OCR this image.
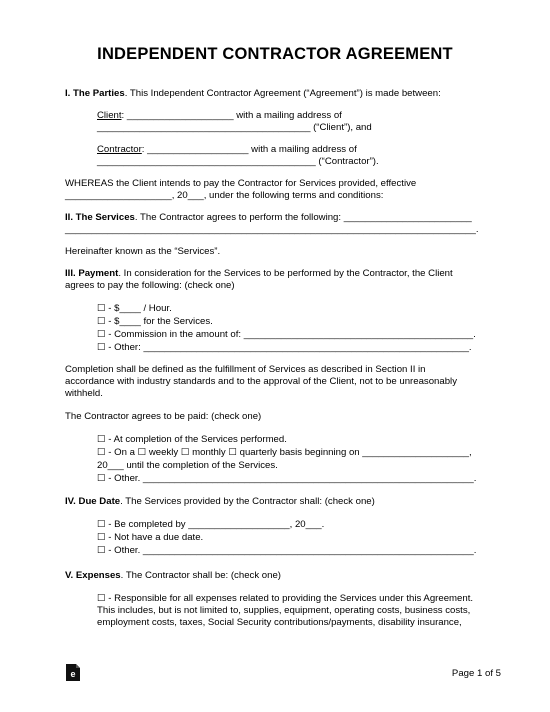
INDEPENDENT CONTRACTOR AGREEMENT
I. The Parties. This Independent Contractor Agreement (“Agreement”) is made between:
Client: ____________________ with a mailing address of
________________________________________ (“Client”), and
Contractor: ___________________ with a mailing address of
_________________________________________ (“Contractor”).
WHEREAS the Client intends to pay the Contractor for Services provided, effective
____________________, 20___, under the following terms and conditions:
II. The Services. The Contractor agrees to perform the following: ________________________
_____________________________________________________________________________.
Hereinafter known as the “Services”.
III. Payment. In consideration for the Services to be performed by the Contractor, the Client
agrees to pay the following: (check one)
☐ - $____ / Hour.
☐ - $____ for the Services.
☐ - Commission in the amount of: ___________________________________________.
☐ - Other: _____________________________________________________________.
Completion shall be defined as the fulfillment of Services as described in Section II in
accordance with industry standards and to the approval of the Client, not to be unreasonably
withheld.
The Contractor agrees to be paid: (check one)
☐ - At completion of the Services performed.
☐ - On a ☐ weekly ☐ monthly ☐ quarterly basis beginning on ____________________,
20___ until the completion of the Services.
☐ - Other. ______________________________________________________________.
IV. Due Date. The Services provided by the Contractor shall: (check one)
☐ - Be completed by ___________________, 20___.
☐ - Not have a due date.
☐ - Other. ______________________________________________________________.
V. Expenses. The Contractor shall be: (check one)
☐ - Responsible for all expenses related to providing the Services under this Agreement.
This includes, but is not limited to, supplies, equipment, operating costs, business costs,
employment costs, taxes, Social Security contributions/payments, disability insurance,
e	Page 1 of 5
